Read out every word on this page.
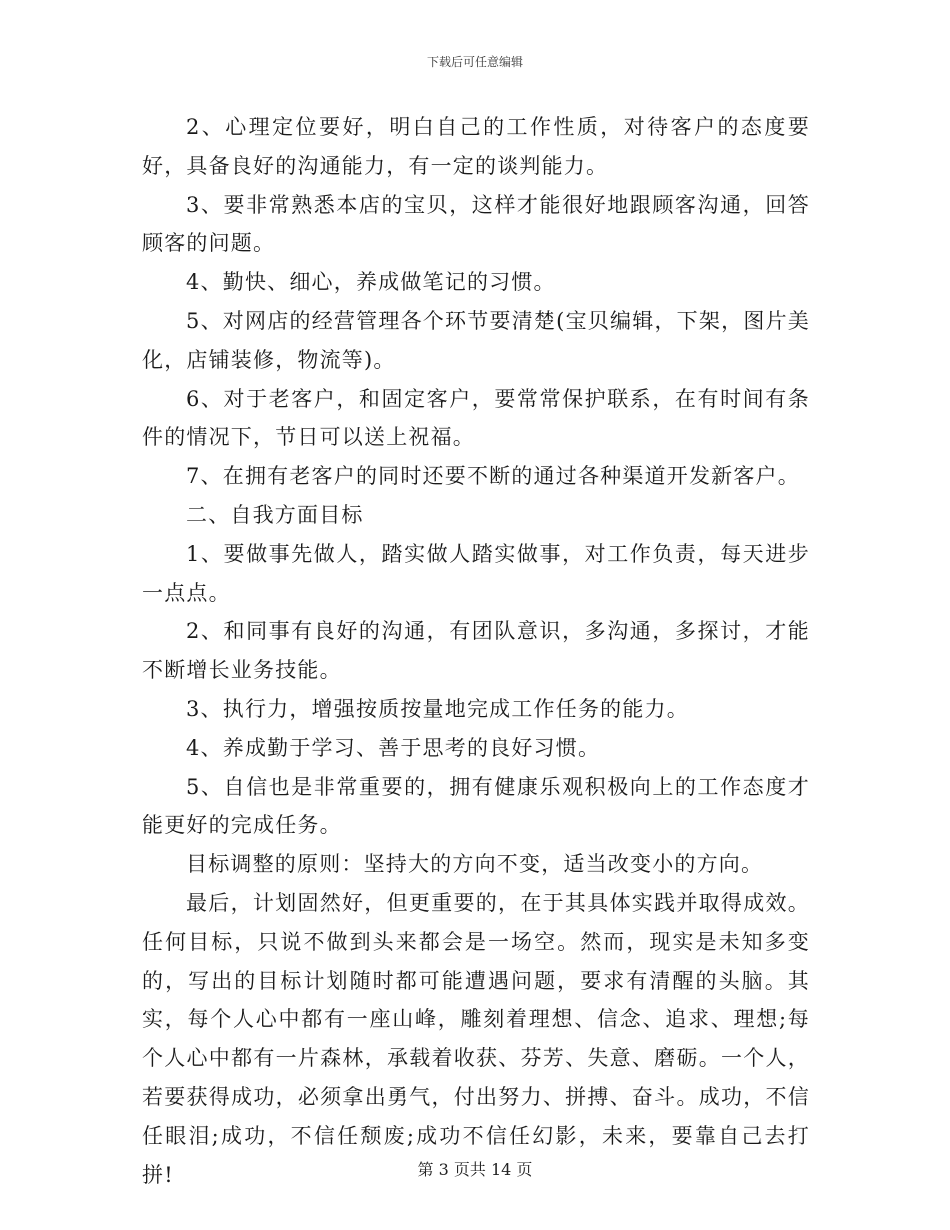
下载后可任意编辑

2、心理定位要好，明白自己的工作性质，对待客户的态度要好，具备良好的沟通能力，有一定的谈判能力。

3、要非常熟悉本店的宝贝，这样才能很好地跟顾客沟通，回答顾客的问题。

4、勤快、细心，养成做笔记的习惯。

5、对网店的经营管理各个环节要清楚(宝贝编辑，下架，图片美化，店铺装修，物流等)。

6、对于老客户，和固定客户，要常常保护联系，在有时间有条件的情况下，节日可以送上祝福。

7、在拥有老客户的同时还要不断的通过各种渠道开发新客户。

二、自我方面目标

1、要做事先做人，踏实做人踏实做事，对工作负责，每天进步一点点。

2、和同事有良好的沟通，有团队意识，多沟通，多探讨，才能不断增长业务技能。

3、执行力，增强按质按量地完成工作任务的能力。

4、养成勤于学习、善于思考的良好习惯。

5、自信也是非常重要的，拥有健康乐观积极向上的工作态度才能更好的完成任务。

目标调整的原则：坚持大的方向不变，适当改变小的方向。

最后，计划固然好，但更重要的，在于其具体实践并取得成效。任何目标，只说不做到头来都会是一场空。然而，现实是未知多变的，写出的目标计划随时都可能遭遇问题，要求有清醒的头脑。其实，每个人心中都有一座山峰，雕刻着理想、信念、追求、理想;每个人心中都有一片森林，承载着收获、芬芳、失意、磨砺。一个人，若要获得成功，必须拿出勇气，付出努力、拼搏、奋斗。成功，不信任眼泪;成功，不信任颓废;成功不信任幻影，未来，要靠自己去打拼!	第 3 页共 14 页
